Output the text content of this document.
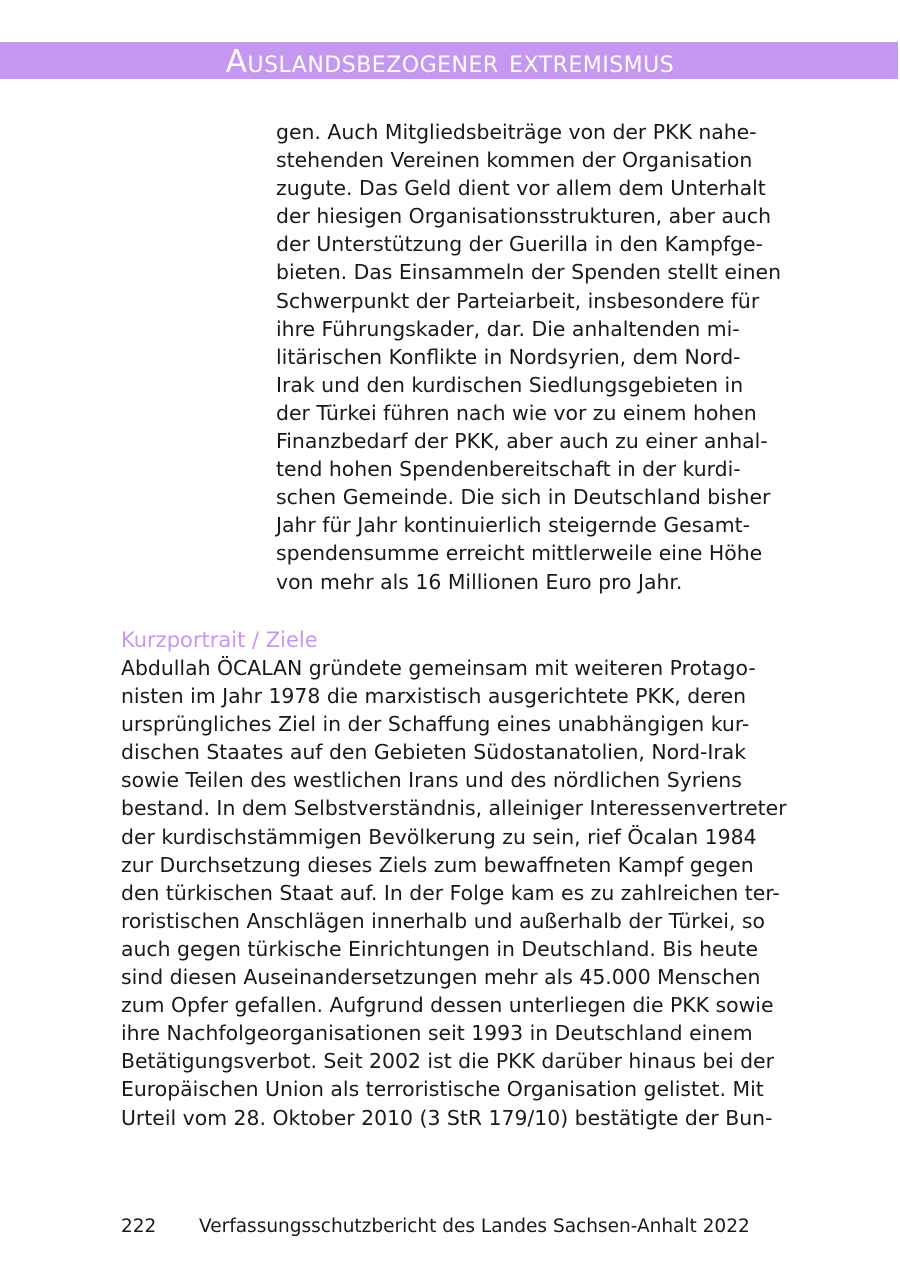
Auslandsbezogener extremismus
gen. Auch Mitgliedsbeiträge von der PKK nahe-
stehenden Vereinen kommen der Organisation
zugute. Das Geld dient vor allem dem Unterhalt
der hiesigen Organisationsstrukturen, aber auch
der Unterstützung der Guerilla in den Kampfge-
bieten. Das Einsammeln der Spenden stellt einen
Schwerpunkt der Parteiarbeit, insbesondere für
ihre Führungskader, dar. Die anhaltenden mi-
litärischen Konflikte in Nordsyrien, dem Nord-
Irak und den kurdischen Siedlungsgebieten in
der Türkei führen nach wie vor zu einem hohen
Finanzbedarf der PKK, aber auch zu einer anhal-
tend hohen Spendenbereitschaft in der kurdi-
schen Gemeinde. Die sich in Deutschland bisher
Jahr für Jahr kontinuierlich steigernde Gesamt-
spendensumme erreicht mittlerweile eine Höhe
von mehr als 16 Millionen Euro pro Jahr.
Kurzportrait / Ziele
Abdullah ÖCALAN gründete gemeinsam mit weiteren Protago-
nisten im Jahr 1978 die marxistisch ausgerichtete PKK, deren
ursprüngliches Ziel in der Schaffung eines unabhängigen kur-
dischen Staates auf den Gebieten Südostanatolien, Nord-Irak
sowie Teilen des westlichen Irans und des nördlichen Syriens
bestand. In dem Selbstverständnis, alleiniger Interessenvertreter
der kurdischstämmigen Bevölkerung zu sein, rief Öcalan 1984
zur Durchsetzung dieses Ziels zum bewaffneten Kampf gegen
den türkischen Staat auf. In der Folge kam es zu zahlreichen ter-
roristischen Anschlägen innerhalb und außerhalb der Türkei, so
auch gegen türkische Einrichtungen in Deutschland. Bis heute
sind diesen Auseinandersetzungen mehr als 45.000 Menschen
zum Opfer gefallen. Aufgrund dessen unterliegen die PKK sowie
ihre Nachfolgeorganisationen seit 1993 in Deutschland einem
Betätigungsverbot. Seit 2002 ist die PKK darüber hinaus bei der
Europäischen Union als terroristische Organisation gelistet. Mit
Urteil vom 28. Oktober 2010 (3 StR 179/10) bestätigte der Bun-
222 Verfassungsschutzbericht des Landes Sachsen-Anhalt 2022
